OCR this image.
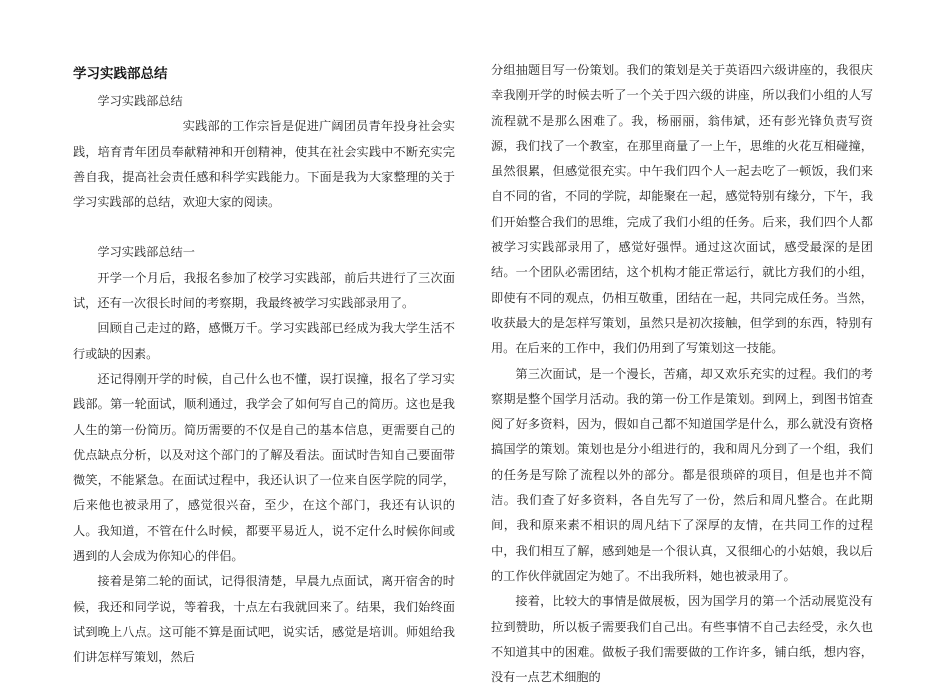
学习实践部总结

学习实践部总结

实践部的工作宗旨是促进广阔团员青年投身社会实践，培育青年团员奉献精神和开创精神，使其在社会实践中不断充实完善自我，提高社会责任感和科学实践能力。下面是我为大家整理的关于学习实践部的总结，欢迎大家的阅读。

学习实践部总结一

开学一个月后，我报名参加了校学习实践部，前后共进行了三次面试，还有一次很长时间的考察期，我最终被学习实践部录用了。

回顾自己走过的路，感慨万千。学习实践部已经成为我大学生活不行或缺的因素。

还记得刚开学的时候，自己什么也不懂，误打误撞，报名了学习实践部。第一轮面试，顺利通过，我学会了如何写自己的简历。这也是我人生的第一份简历。简历需要的不仅是自己的基本信息，更需要自己的优点缺点分析，以及对这个部门的了解及看法。面试时告知自己要面带微笑，不能紧急。在面试过程中，我还认识了一位来自医学院的同学，后来他也被录用了，感觉很兴奋，至少，在这个部门，我还有认识的人。我知道，不管在什么时候，都要平易近人，说不定什么时候你间或遇到的人会成为你知心的伴侣。

接着是第二轮的面试，记得很清楚，早晨九点面试，离开宿舍的时候，我还和同学说，等着我，十点左右我就回来了。结果，我们始终面试到晚上八点。这可能不算是面试吧，说实话，感觉是培训。师姐给我们讲怎样写策划，然后

分组抽题目写一份策划。我们的策划是关于英语四六级讲座的，我很庆幸我刚开学的时候去听了一个关于四六级的讲座，所以我们小组的人写流程就不是那么困难了。我，杨丽丽，翁伟斌，还有彭光锋负责写资源，我们找了一个教室，在那里商量了一上午，思维的火花互相碰撞，虽然很累，但感觉很充实。中午我们四个人一起去吃了一顿饭，我们来自不同的省，不同的学院，却能聚在一起，感觉特别有缘分，下午，我们开始整合我们的思维，完成了我们小组的任务。后来，我们四个人都被学习实践部录用了，感觉好强悍。通过这次面试，感受最深的是团结。一个团队必需团结，这个机构才能正常运行，就比方我们的小组，即使有不同的观点，仍相互敬重，团结在一起，共同完成任务。当然，收获最大的是怎样写策划，虽然只是初次接触，但学到的东西，特别有用。在后来的工作中，我们仍用到了写策划这一技能。

第三次面试，是一个漫长，苦痛，却又欢乐充实的过程。我们的考察期是整个国学月活动。我的第一份工作是策划。到网上，到图书馆查阅了好多资料，因为，假如自己都不知道国学是什么，那么就没有资格搞国学的策划。策划也是分小组进行的，我和周凡分到了一个组，我们的任务是写除了流程以外的部分。都是很琐碎的项目，但是也并不简洁。我们查了好多资料，各自先写了一份，然后和周凡整合。在此期间，我和原来素不相识的周凡结下了深厚的友情，在共同工作的过程中，我们相互了解，感到她是一个很认真，又很细心的小姑娘，我以后的工作伙伴就固定为她了。不出我所料，她也被录用了。

接着，比较大的事情是做展板，因为国学月的第一个活动展览没有拉到赞助，所以板子需要我们自己出。有些事情不自己去经受，永久也不知道其中的困难。做板子我们需要做的工作许多，铺白纸，想内容，没有一点艺术细胞的
